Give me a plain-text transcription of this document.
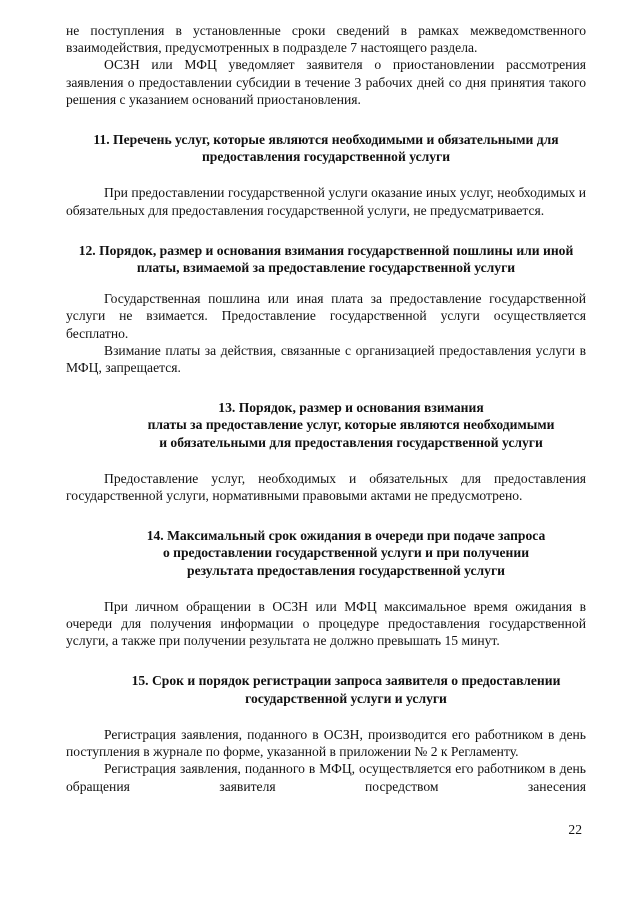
не поступления в установленные сроки сведений в рамках межведомственного взаимодействия, предусмотренных в подразделе 7 настоящего раздела.

ОСЗН или МФЦ уведомляет заявителя о приостановлении рассмотрения заявления о предоставлении субсидии в течение 3 рабочих дней со дня принятия такого решения с указанием оснований приостановления.

11. Перечень услуг, которые являются необходимыми и обязательными для предоставления государственной услуги

При предоставлении государственной услуги оказание иных услуг, необходимых и обязательных для предоставления государственной услуги, не предусматривается.

12. Порядок, размер и основания взимания государственной пошлины или иной платы, взимаемой за предоставление государственной услуги

Государственная пошлина или иная плата за предоставление государственной услуги не взимается. Предоставление государственной услуги осуществляется бесплатно.

Взимание платы за действия, связанные с организацией предоставления услуги в МФЦ, запрещается.

13. Порядок, размер и основания взимания
платы за предоставление услуг, которые являются необходимыми
и обязательными для предоставления государственной услуги

Предоставление услуг, необходимых и обязательных для предоставления государственной услуги, нормативными правовыми актами не предусмотрено.

14. Максимальный срок ожидания в очереди при подаче запроса
о предоставлении государственной услуги и при получении
результата предоставления государственной услуги

При личном обращении в ОСЗН или МФЦ максимальное время ожидания в очереди для получения информации о процедуре предоставления государственной услуги, а также при получении результата не должно превышать 15 минут.

15. Срок и порядок регистрации запроса заявителя о предоставлении
государственной услуги и услуги

Регистрация заявления, поданного в ОСЗН, производится его работником в день поступления в журнале по форме, указанной в приложении № 2 к Регламенту.

Регистрация заявления, поданного в МФЦ, осуществляется его работником в день обращения заявителя посредством занесения

22
